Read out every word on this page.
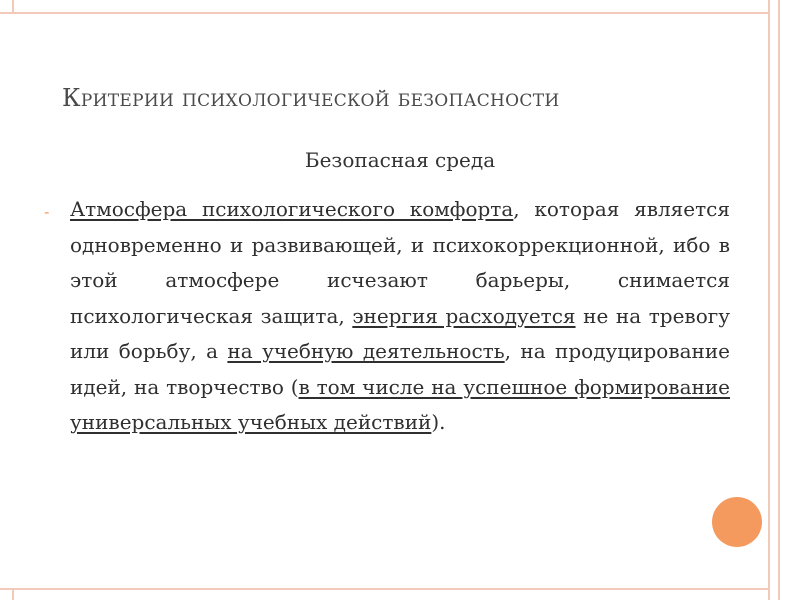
Критерии психологической безопасности
Безопасная среда
- Атмосфера психологического комфорта, которая является одновременно и развивающей, и психокоррекционной, ибо в этой атмосфере исчезают барьеры, снимается психологическая защита, энергия расходуется не на тревогу или борьбу, а на учебную деятельность, на продуцирование идей, на творчество (в том числе на успешное формирование универсальных учебных действий).
